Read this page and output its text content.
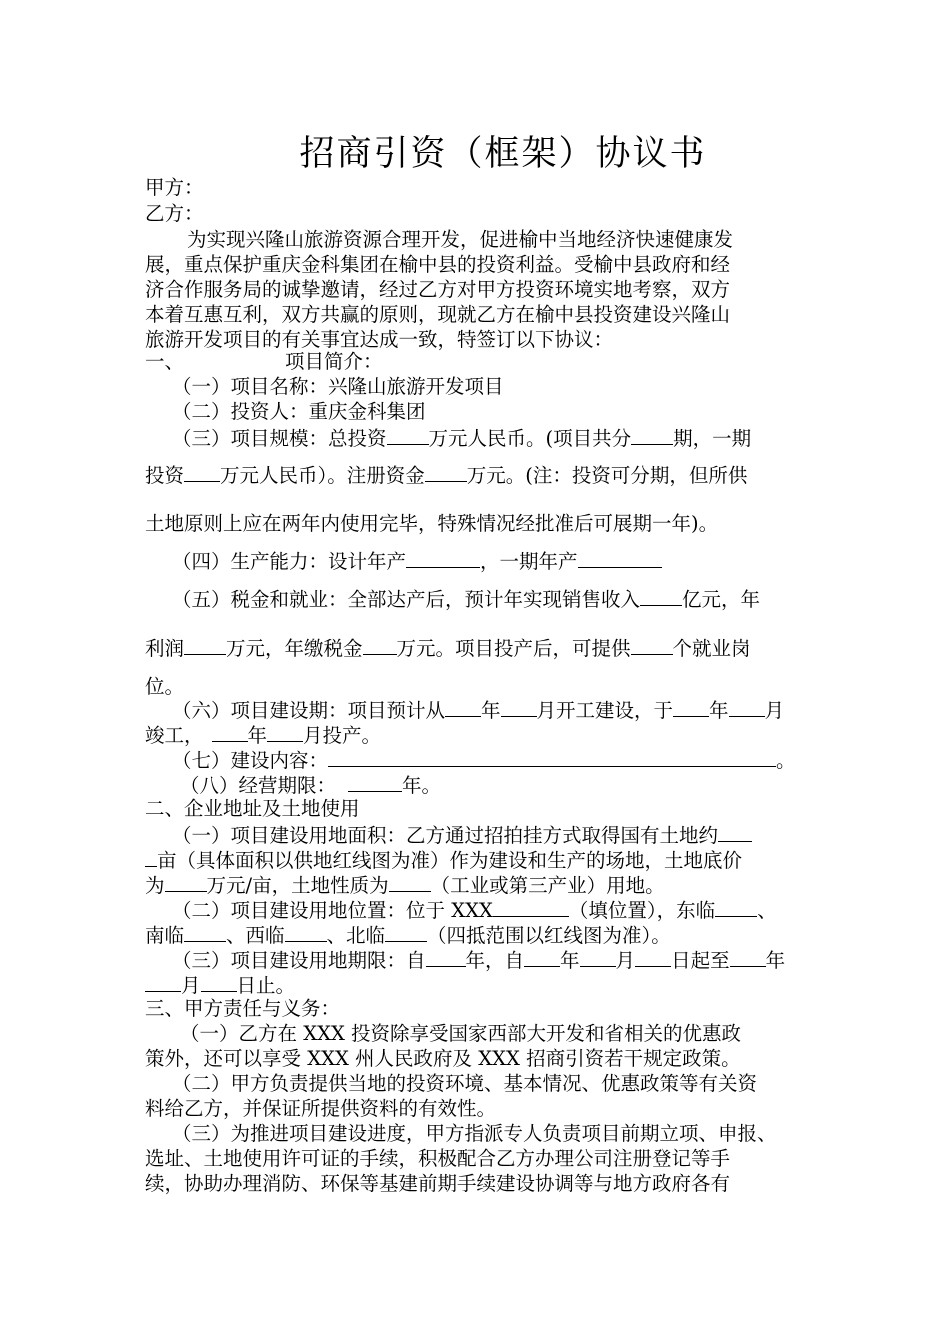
招商引资（框架）协议书
甲方：
乙方：
为实现兴隆山旅游资源合理开发，促进榆中当地经济快速健康发
展，重点保护重庆金科集团在榆中县的投资利益。受榆中县政府和经
济合作服务局的诚挚邀请，经过乙方对甲方投资环境实地考察，双方
本着互惠互利，双方共赢的原则，现就乙方在榆中县投资建设兴隆山
旅游开发项目的有关事宜达成一致，特签订以下协议：
一、	项目简介：
（一）项目名称：兴隆山旅游开发项目
（二）投资人：重庆金科集团
（三）项目规模：总投资 万元人民币。(项目共分 期，一期
投资 万元人民币）。注册资金 万元。(注：投资可分期，但所供
土地原则上应在两年内使用完毕，特殊情况经批准后可展期一年)。
（四）生产能力：设计年产	，一期年产
（五）税金和就业：全部达产后，预计年实现销售收入 亿元，年
利润 万元，年缴税金 万元。项目投产后，可提供 个就业岗
位。
（六）项目建设期：项目预计从 年 月开工建设，于 年 月
竣工， 年 月投产。
（七）建设内容：	。
（八）经营期限：	年。
二、企业地址及土地使用
（一）项目建设用地面积：乙方通过招拍挂方式取得国有土地约
亩（具体面积以供地红线图为准）作为建设和生产的场地，土地底价
为 万元/亩，土地性质为 （工业或第三产业）用地。
（二）项目建设用地位置：位于 XXX	（填位置），东临 、
南临 、西临 、北临 （四抵范围以红线图为准）。
（三）项目建设用地期限：自 年，自 年 月 日起至 年
月 日止。
三、甲方责任与义务：
（一）乙方在 XXX 投资除享受国家西部大开发和省相关的优惠政
策外，还可以享受 XXX 州人民政府及 XXX 招商引资若干规定政策。
（二）甲方负责提供当地的投资环境、基本情况、优惠政策等有关资
料给乙方，并保证所提供资料的有效性。
（三）为推进项目建设进度，甲方指派专人负责项目前期立项、申报、
选址、土地使用许可证的手续，积极配合乙方办理公司注册登记等手
续，协助办理消防、环保等基建前期手续建设协调等与地方政府各有
